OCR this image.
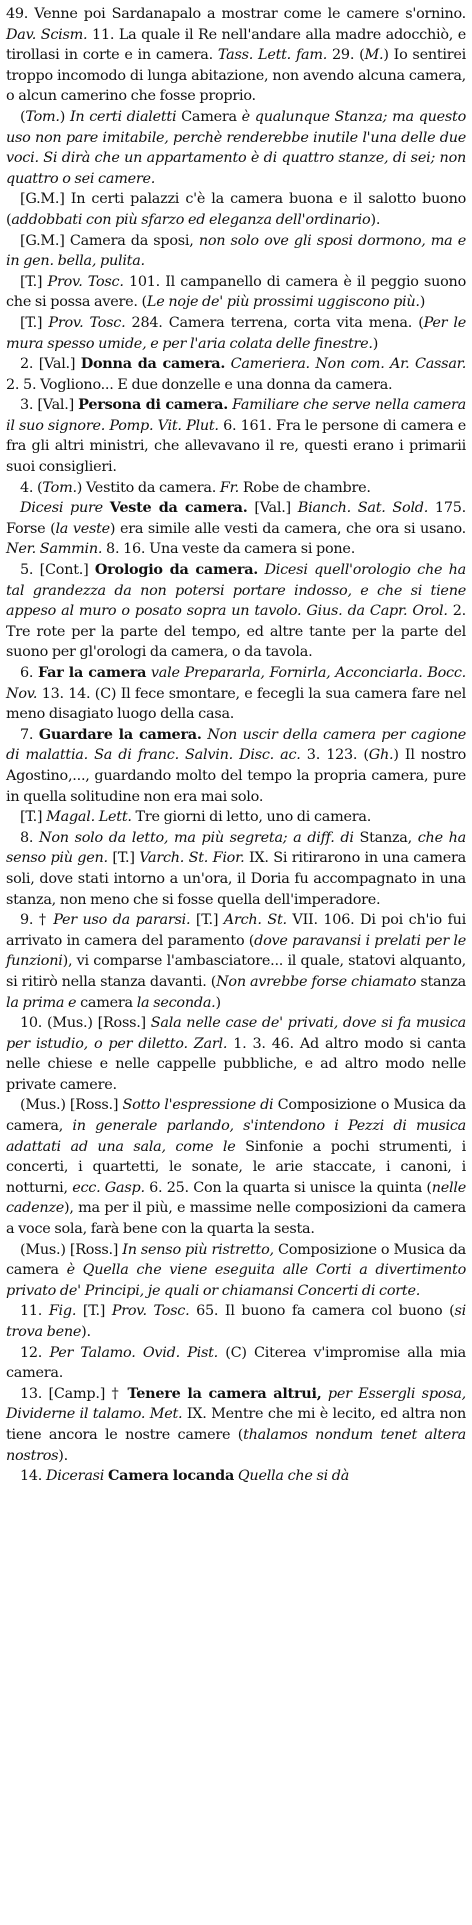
49. Venne poi Sardanapalo a mostrar come le camere s'ornino. Dav. Scism. 11. La quale il Re nell'andare alla madre adocchiò, e tirollasi in corte e in camera. Tass. Lett. fam. 29. (M.) Io sentirei troppo incomodo di lunga abitazione, non avendo alcuna camera, o alcun camerino che fosse proprio.

(Tom.) In certi dialetti Camera è qualunque Stanza; ma questo uso non pare imitabile, perchè renderebbe inutile l'una delle due voci. Si dirà che un appartamento è di quattro stanze, di sei; non quattro o sei camere.

[G.M.] In certi palazzi c'è la camera buona e il salotto buono (addobbati con più sfarzo ed eleganza dell'ordinario).

[G.M.] Camera da sposi, non solo ove gli sposi dormono, ma e in gen. bella, pulita.

[T.] Prov. Tosc. 101. Il campanello di camera è il peggio suono che si possa avere. (Le noje de' più prossimi uggiscono più.)

[T.] Prov. Tosc. 284. Camera terrena, corta vita mena. (Per le mura spesso umide, e per l'aria colata delle finestre.)

2. [Val.] Donna da camera. Cameriera. Non com. Ar. Cassar. 2. 5. Vogliono... E due donzelle e una donna da camera.

3. [Val.] Persona di camera. Familiare che serve nella camera il suo signore. Pomp. Vit. Plut. 6. 161. Fra le persone di camera e fra gli altri ministri, che allevavano il re, questi erano i primarii suoi consiglieri.

4. (Tom.) Vestito da camera. Fr. Robe de chambre.

Dicesi pure Veste da camera. [Val.] Bianch. Sat. Sold. 175. Forse (la veste) era simile alle vesti da camera, che ora si usano. Ner. Sammin. 8. 16. Una veste da camera si pone.

5. [Cont.] Orologio da camera. Dicesi quell'orologio che ha tal grandezza da non potersi portare indosso, e che si tiene appeso al muro o posato sopra un tavolo. Gius. da Capr. Orol. 2. Tre rote per la parte del tempo, ed altre tante per la parte del suono per gl'orologi da camera, o da tavola.

6. Far la camera vale Prepararla, Fornirla, Acconciarla. Bocc. Nov. 13. 14. (C) Il fece smontare, e fecegli la sua camera fare nel meno disagiato luogo della casa.

7. Guardare la camera. Non uscir della camera per cagione di malattia. Sa di franc. Salvin. Disc. ac. 3. 123. (Gh.) Il nostro Agostino,..., guardando molto del tempo la propria camera, pure in quella solitudine non era mai solo.

[T.] Magal. Lett. Tre giorni di letto, uno di camera.

8. Non solo da letto, ma più segreta; a diff. di Stanza, che ha senso più gen. [T.] Varch. St. Fior. IX. Si ritirarono in una camera soli, dove stati intorno a un'ora, il Doria fu accompagnato in una stanza, non meno che si fosse quella dell'imperadore.

9. † Per uso da pararsi. [T.] Arch. St. VII. 106. Di poi ch'io fui arrivato in camera del paramento (dove paravansi i prelati per le funzioni), vi comparse l'ambasciatore... il quale, statovi alquanto, si ritirò nella stanza davanti. (Non avrebbe forse chiamato stanza la prima e camera la seconda.)

10. (Mus.) [Ross.] Sala nelle case de' privati, dove si fa musica per istudio, o per diletto. Zarl. 1. 3. 46. Ad altro modo si canta nelle chiese e nelle cappelle pubbliche, e ad altro modo nelle private camere.

(Mus.) [Ross.] Sotto l'espressione di Composizione o Musica da camera, in generale parlando, s'intendono i Pezzi di musica adattati ad una sala, come le Sinfonie a pochi strumenti, i concerti, i quartetti, le sonate, le arie staccate, i canoni, i notturni, ecc. Gasp. 6. 25. Con la quarta si unisce la quinta (nelle cadenze), ma per il più, e massime nelle composizioni da camera a voce sola, farà bene con la quarta la sesta.

(Mus.) [Ross.] In senso più ristretto, Composizione o Musica da camera è Quella che viene eseguita alle Corti a divertimento privato de' Principi, je quali or chiamansi Concerti di corte.

11. Fig. [T.] Prov. Tosc. 65. Il buono fa camera col buono (si trova bene).

12. Per Talamo. Ovid. Pist. (C) Citerea v'impromise alla mia camera.

13. [Camp.] † Tenere la camera altrui, per Essergli sposa, Dividerne il talamo. Met. IX. Mentre che mi è lecito, ed altra non tiene ancora le nostre camere (thalamos nondum tenet altera nostros).

14. Dicerasi Camera locanda Quella che si dà
